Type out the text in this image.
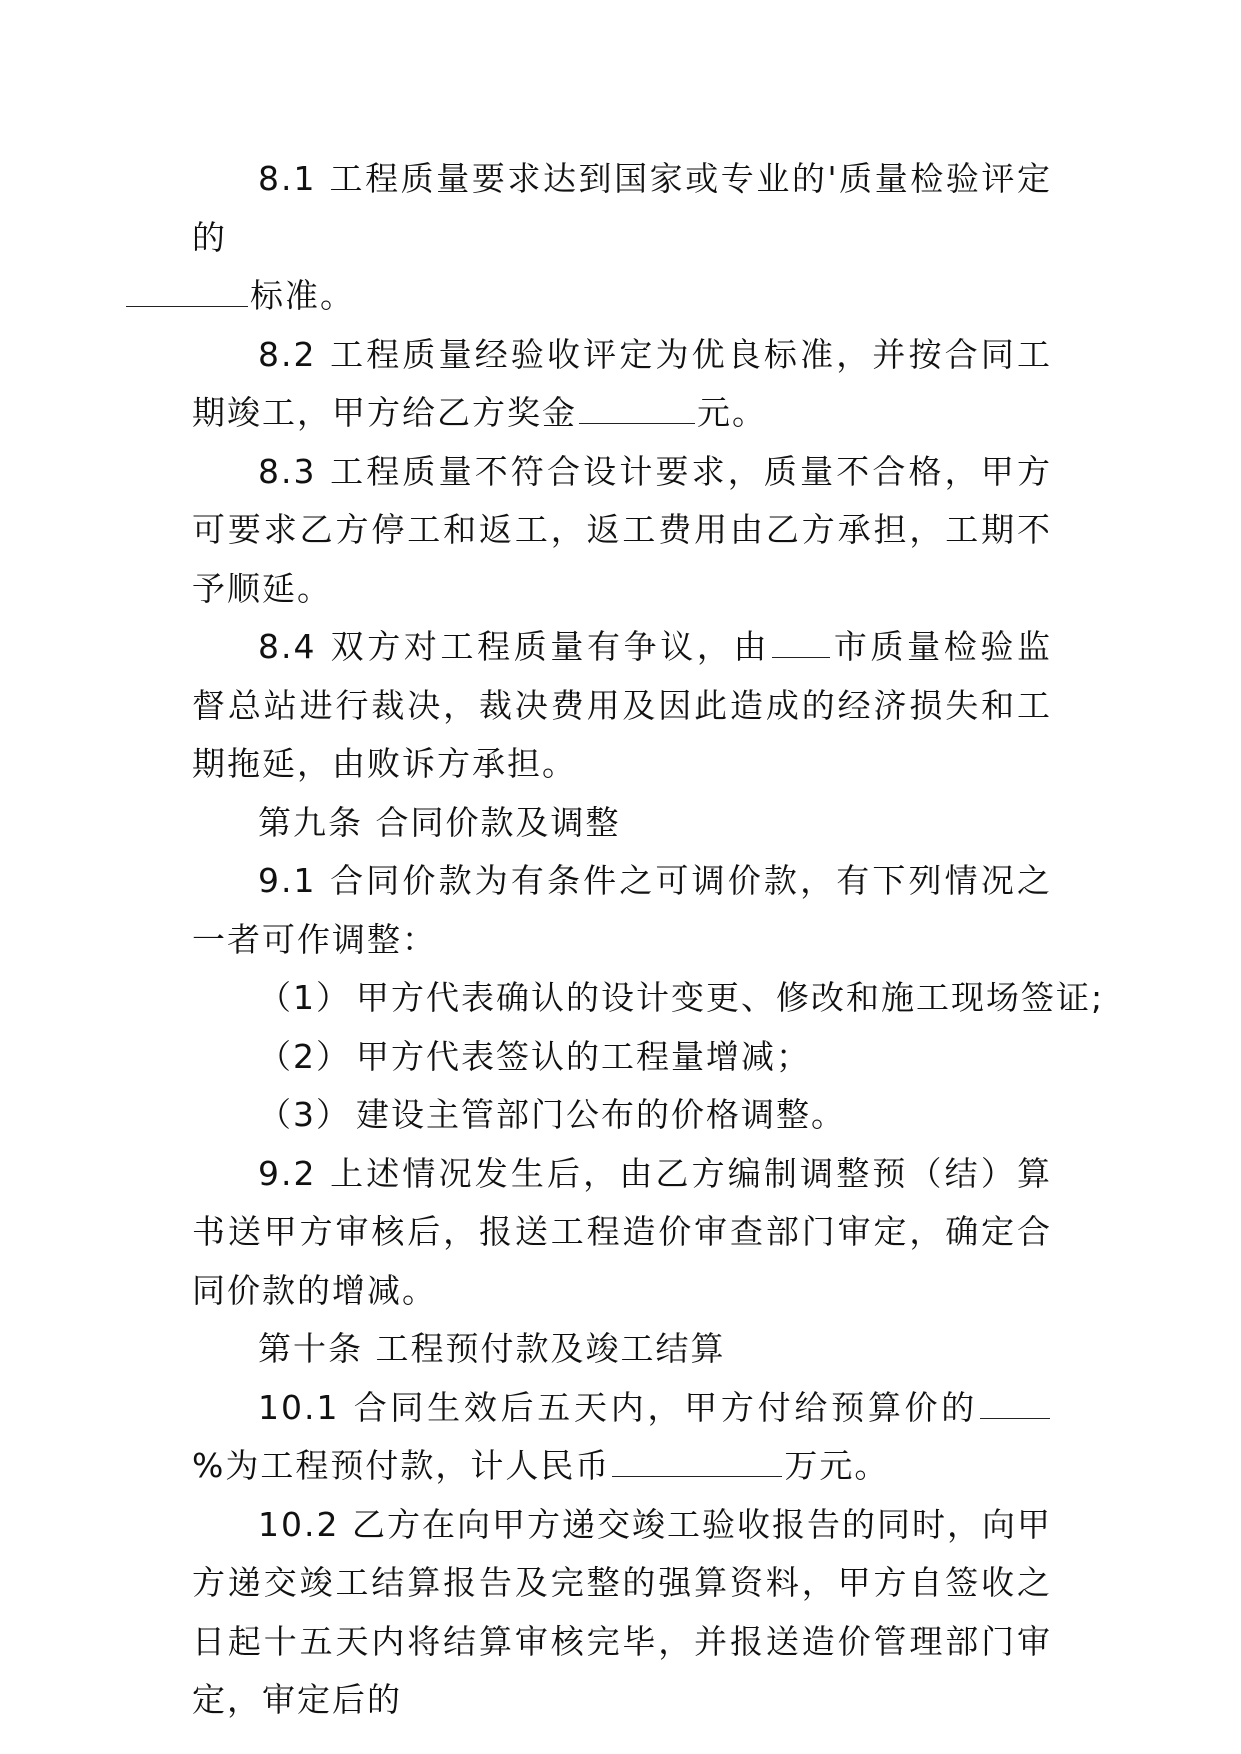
8.1 工程质量要求达到国家或专业的'质量检验评定的
标准。

8.2 工程质量经验收评定为优良标准，并按合同工期竣工，甲方给乙方奖金	元。

8.3 工程质量不符合设计要求，质量不合格，甲方可要求乙方停工和返工，返工费用由乙方承担，工期不予顺延。

8.4 双方对工程质量有争议，由 市质量检验监督总站进行裁决，裁决费用及因此造成的经济损失和工期拖延，由败诉方承担。

第九条 合同价款及调整

9.1 合同价款为有条件之可调价款，有下列情况之一者可作调整：

（1） 甲方代表确认的设计变更、修改和施工现场签证;

（2） 甲方代表签认的工程量增减；

（3） 建设主管部门公布的价格调整。

9.2 上述情况发生后，由乙方编制调整预（结）算书送甲方审核后，报送工程造价审查部门审定，确定合同价款的增减。

第十条 工程预付款及竣工结算

10.1 合同生效后五天内，甲方付给预算价的%为工程预付款，计人民币	万元。

10.2 乙方在向甲方递交竣工验收报告的同时，向甲方递交竣工结算报告及完整的强算资料，甲方自签收之日起十五天内将结算审核完毕，并报送造价管理部门审定，审定后的
